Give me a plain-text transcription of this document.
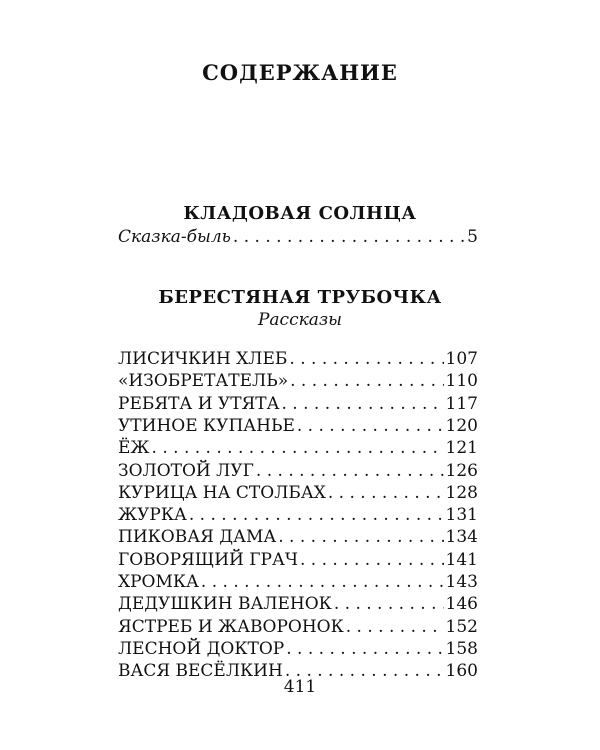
СОДЕРЖАНИЕ
КЛАДОВАЯ СОЛНЦА
Сказка-быль . . .	5
БЕРЕСТЯНАЯ ТРУБОЧКА
Рассказы
ЛИСИЧКИН ХЛЕБ . . .	107
«ИЗОБРЕТАТЕЛЬ» . . .	110
РЕБЯТА И УТЯТА . . .	117
УТИНОЕ КУПАНЬЕ . . .	120
ЁЖ . . .	121
ЗОЛОТОЙ ЛУГ . . .	126
КУРИЦА НА СТОЛБАХ . . .	128
ЖУРКА . . .	131
ПИКОВАЯ ДАМА . . .	134
ГОВОРЯЩИЙ ГРАЧ . . .	141
ХРОМКА . . .	143
ДЕДУШКИН ВАЛЕНОК . . .	146
ЯСТРЕБ И ЖАВОРОНОК . . .	152
ЛЕСНОЙ ДОКТОР . . .	158
411
ВАСЯ ВЕСЁЛКИН . . .	160
